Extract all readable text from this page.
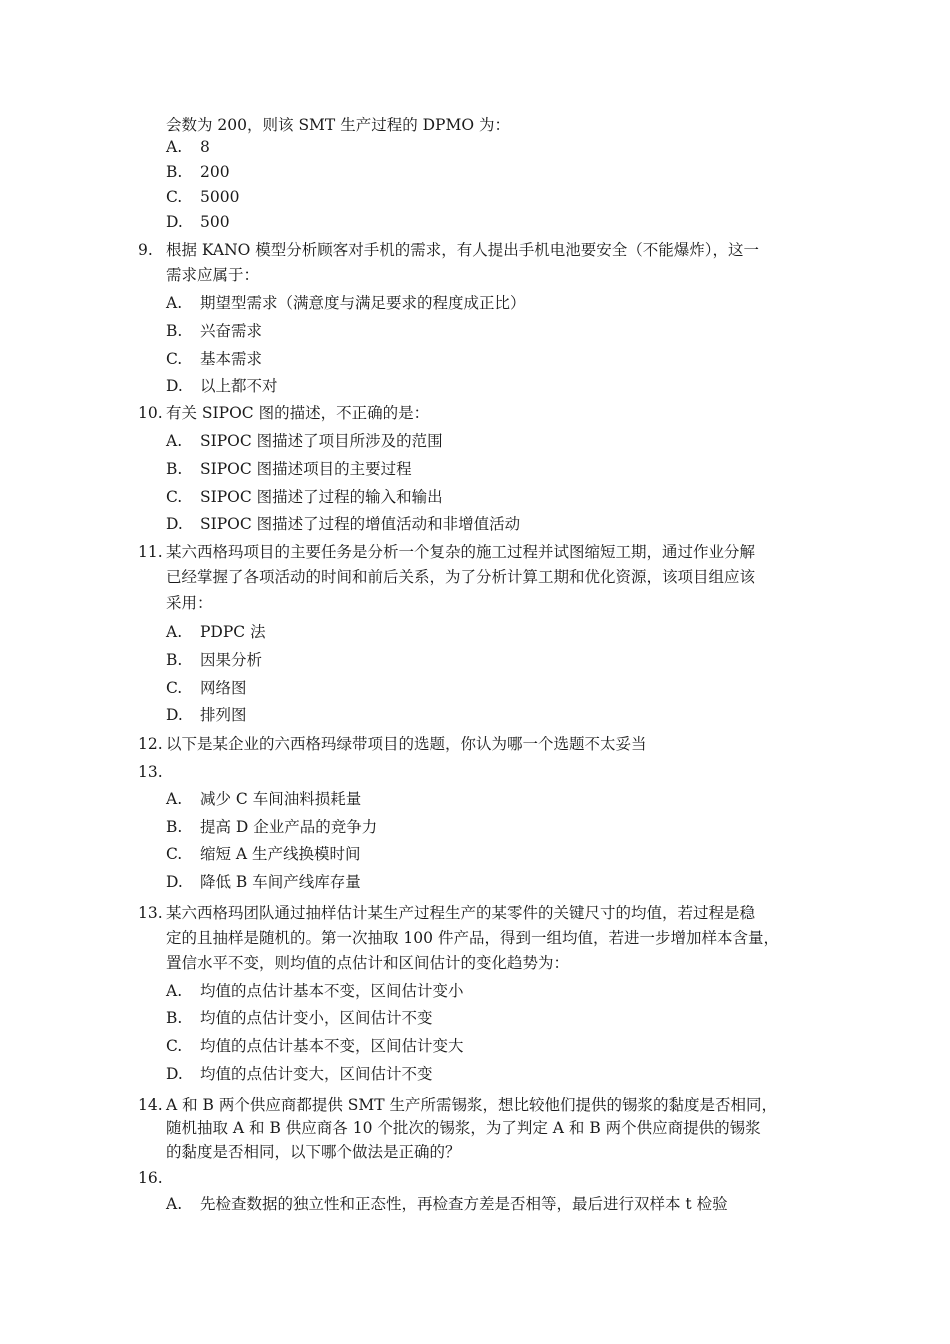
会数为 200，则该 SMT 生产过程的 DPMO 为：
A. 8
B. 200
C. 5000
D. 500
9. 根据 KANO 模型分析顾客对手机的需求，有人提出手机电池要安全（不能爆炸），这一
需求应属于：
A. 期望型需求（满意度与满足要求的程度成正比）
B. 兴奋需求
C. 基本需求
D. 以上都不对
10. 有关 SIPOC 图的描述，不正确的是：
A. SIPOC 图描述了项目所涉及的范围
B. SIPOC 图描述项目的主要过程
C. SIPOC 图描述了过程的输入和输出
D. SIPOC 图描述了过程的增值活动和非增值活动
11. 某六西格玛项目的主要任务是分析一个复杂的施工过程并试图缩短工期，通过作业分解
已经掌握了各项活动的时间和前后关系，为了分析计算工期和优化资源，该项目组应该
采用：
A. PDPC 法
B. 因果分析
C. 网络图
D. 排列图
12. 以下是某企业的六西格玛绿带项目的选题，你认为哪一个选题不太妥当
13.
A. 减少 C 车间油料损耗量
B. 提高 D 企业产品的竞争力
C. 缩短 A 生产线换模时间
D. 降低 B 车间产线库存量
13. 某六西格玛团队通过抽样估计某生产过程生产的某零件的关键尺寸的均值，若过程是稳
定的且抽样是随机的。第一次抽取 100 件产品，得到一组均值，若进一步增加样本含量，
置信水平不变，则均值的点估计和区间估计的变化趋势为：
A. 均值的点估计基本不变，区间估计变小
B. 均值的点估计变小，区间估计不变
C. 均值的点估计基本不变，区间估计变大
D. 均值的点估计变大，区间估计不变
14. A 和 B 两个供应商都提供 SMT 生产所需锡浆，想比较他们提供的锡浆的黏度是否相同，
随机抽取 A 和 B 供应商各 10 个批次的锡浆，为了判定 A 和 B 两个供应商提供的锡浆
的黏度是否相同，以下哪个做法是正确的？
16.
A. 先检查数据的独立性和正态性，再检查方差是否相等，最后进行双样本 t 检验
